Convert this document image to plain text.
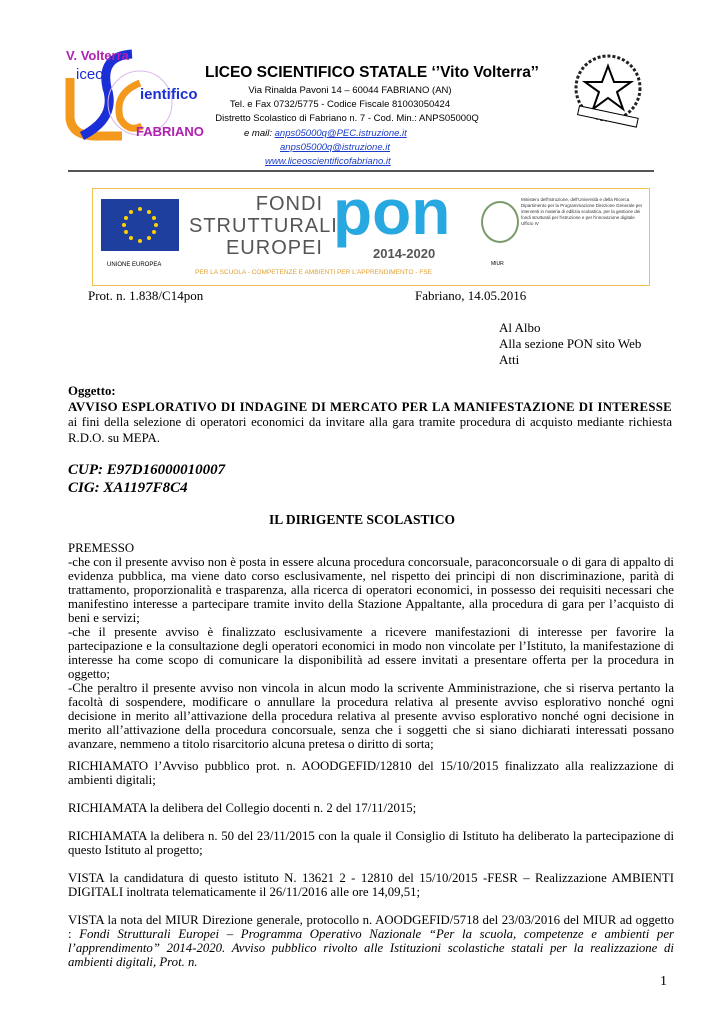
V. Volterra
iceo
ientifico
FABRIANO
LICEO SCIENTIFICO STATALE ‘’Vito Volterra’’
Via Rinalda Pavoni 14 – 60044 FABRIANO (AN)
Tel. e Fax 0732/5775 - Codice Fiscale 81003050424
Distretto Scolastico di Fabriano n. 7 - Cod. Min.: ANPS05000Q
e mail: anps05000q@PEC.istruzione.it
anps05000q@istruzione.it
www.liceoscientificofabriano.it
UNIONE EUROPEA
FONDI
STRUTTURALI
EUROPEI pon
2014-2020
PER LA SCUOLA - COMPETENZE E AMBIENTI PER L'APPRENDIMENTO - FSE
Ministero dell'Istruzione, dell'Università e della Ricerca Dipartimento per la Programmazione Direzione Generale per interventi in materia di edilizia scolastica, per la gestione dei fondi strutturali per l'istruzione e per l'innovazione digitale Ufficio IV
MIUR
Prot. n. 1.838/C14pon	Fabriano, 14.05.2016
Al Albo
Alla sezione PON sito Web
Atti

Oggetto:

AVVISO ESPLORATIVO DI INDAGINE DI MERCATO PER LA MANIFESTAZIONE DI INTERESSE ai fini della selezione di operatori economici da invitare alla gara tramite procedura di acquisto mediante richiesta R.D.O. su MEPA.

CUP: E97D16000010007
CIG: XA1197F8C4
IL DIRIGENTE SCOLASTICO

PREMESSO

-che con il presente avviso non è posta in essere alcuna procedura concorsuale, paraconcorsuale o di gara di appalto di evidenza pubblica, ma viene dato corso esclusivamente, nel rispetto dei principi di non discriminazione, parità di trattamento, proporzionalità e trasparenza, alla ricerca di operatori economici, in possesso dei requisiti necessari che manifestino interesse a partecipare tramite invito della Stazione Appaltante, alla procedura di gara per l’acquisto di beni e servizi;

-che il presente avviso è finalizzato esclusivamente a ricevere manifestazioni di interesse per favorire la partecipazione e la consultazione degli operatori economici in modo non vincolate per l’Istituto, la manifestazione di interesse ha come scopo di comunicare la disponibilità ad essere invitati a presentare offerta per la procedura in oggetto;

-Che peraltro il presente avviso non vincola in alcun modo la scrivente Amministrazione, che si riserva pertanto la facoltà di sospendere, modificare o annullare la procedura relativa al presente avviso esplorativo nonché ogni decisione in merito all’attivazione della procedura relativa al presente avviso esplorativo nonché ogni decisione in merito all’attivazione della procedura concorsuale, senza che i soggetti che si siano dichiarati interessati possano avanzare, nemmeno a titolo risarcitorio alcuna pretesa o diritto di sorta;

RICHIAMATO l’Avviso pubblico prot. n. AOODGEFID/12810 del 15/10/2015 finalizzato alla realizzazione di ambienti digitali;

RICHIAMATA la delibera del Collegio docenti n. 2 del 17/11/2015;

RICHIAMATA la delibera n. 50 del 23/11/2015 con la quale il Consiglio di Istituto ha deliberato la partecipazione di questo Istituto al progetto;

VISTA la candidatura di questo istituto N. 13621 2 - 12810 del 15/10/2015 -FESR – Realizzazione AMBIENTI DIGITALI inoltrata telematicamente il 26/11/2016 alle ore 14,09,51;

VISTA la nota del MIUR Direzione generale, protocollo n. AOODGEFID/5718 del 23/03/2016 del MIUR ad oggetto : Fondi Strutturali Europei – Programma Operativo Nazionale “Per la scuola, competenze e ambienti per l’apprendimento” 2014-2020. Avviso pubblico rivolto alle Istituzioni scolastiche statali per la realizzazione di ambienti digitali, Prot. n.

1
